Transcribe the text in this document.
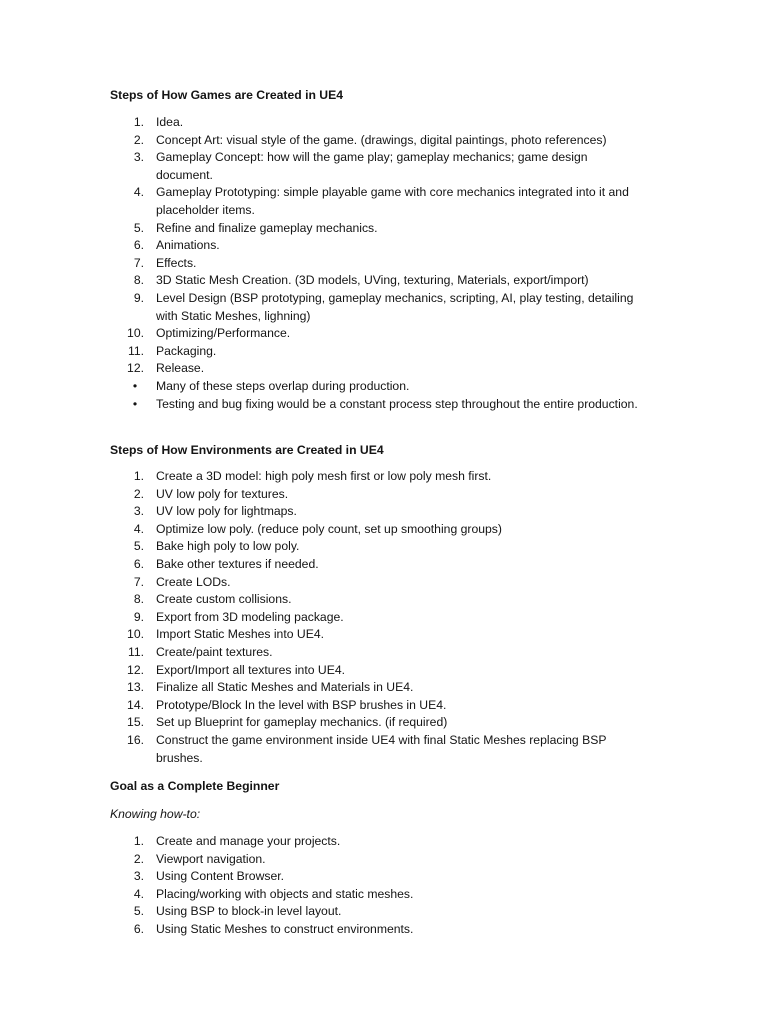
Steps of How Games are Created in UE4
1. Idea.
2. Concept Art: visual style of the game. (drawings, digital paintings, photo references)
3. Gameplay Concept: how will the game play; gameplay mechanics; game design document.
4. Gameplay Prototyping: simple playable game with core mechanics integrated into it and placeholder items.
5. Refine and finalize gameplay mechanics.
6. Animations.
7. Effects.
8. 3D Static Mesh Creation. (3D models, UVing, texturing, Materials, export/import)
9. Level Design (BSP prototyping, gameplay mechanics, scripting, AI, play testing, detailing with Static Meshes, lighning)
10. Optimizing/Performance.
11. Packaging.
12. Release.
• Many of these steps overlap during production.
• Testing and bug fixing would be a constant process step throughout the entire production.
Steps of How Environments are Created in UE4
1. Create a 3D model: high poly mesh first or low poly mesh first.
2. UV low poly for textures.
3. UV low poly for lightmaps.
4. Optimize low poly. (reduce poly count, set up smoothing groups)
5. Bake high poly to low poly.
6. Bake other textures if needed.
7. Create LODs.
8. Create custom collisions.
9. Export from 3D modeling package.
10. Import Static Meshes into UE4.
11. Create/paint textures.
12. Export/Import all textures into UE4.
13. Finalize all Static Meshes and Materials in UE4.
14. Prototype/Block In the level with BSP brushes in UE4.
15. Set up Blueprint for gameplay mechanics. (if required)
16. Construct the game environment inside UE4 with final Static Meshes replacing BSP brushes.
Goal as a Complete Beginner

Knowing how-to:

1. Create and manage your projects.
2. Viewport navigation.
3. Using Content Browser.
4. Placing/working with objects and static meshes.
5. Using BSP to block-in level layout.
6. Using Static Meshes to construct environments.
